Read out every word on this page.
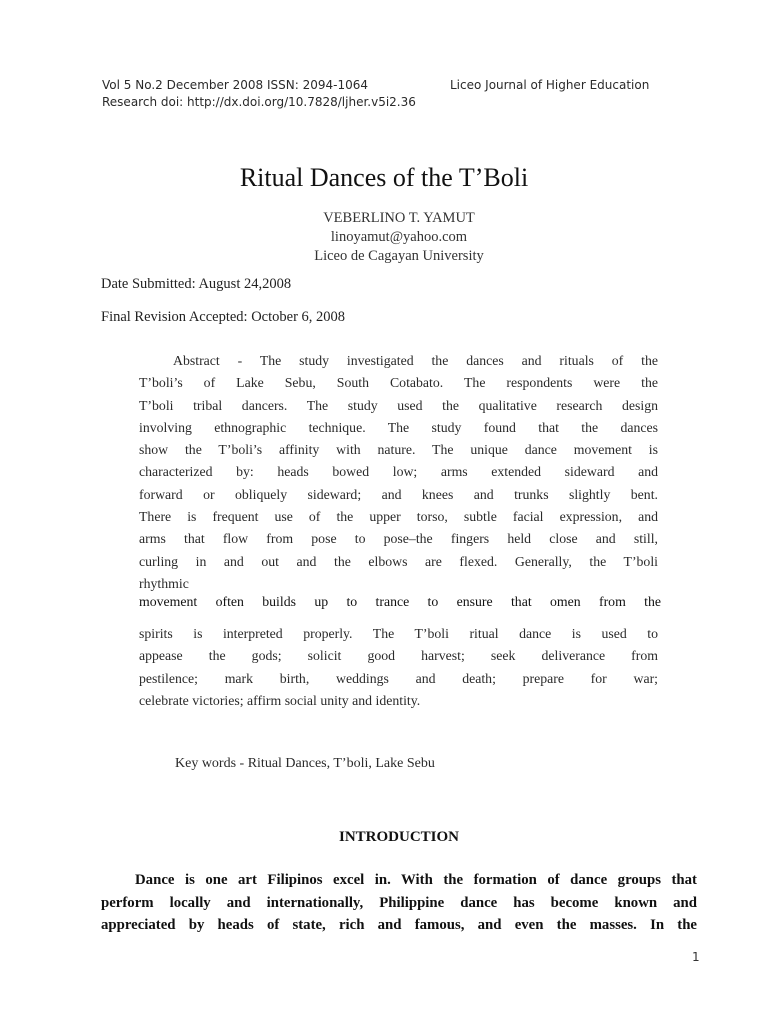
Vol 5 No.2 December 2008 ISSN: 2094-1064	Liceo Journal of Higher Education
Research doi: http://dx.doi.org/10.7828/ljher.v5i2.36
Ritual Dances of the T’Boli
VEBERLINO T. YAMUT
linoyamut@yahoo.com
Liceo de Cagayan University
Date Submitted: August 24,2008
Final Revision Accepted: October 6, 2008
Abstract - The study investigated the dances and rituals of the
T’boli’s of Lake Sebu, South Cotabato. The respondents were the
T’boli tribal dancers. The study used the qualitative research design
involving ethnographic technique. The study found that the dances
show the T’boli’s affinity with nature. The unique dance movement is
characterized by: heads bowed low; arms extended sideward and
forward or obliquely sideward; and knees and trunks slightly bent.
There is frequent use of the upper torso, subtle facial expression, and
arms that flow from pose to pose–the fingers held close and still,
curling in and out and the elbows are flexed. Generally, the T’boli
rhythmic
movement often builds up to trance to ensure that omen from the
spirits is interpreted properly. The T’boli ritual dance is used to
appease the gods; solicit good harvest; seek deliverance from
pestilence; mark birth, weddings and death; prepare for war;
celebrate victories; affirm social unity and identity.
Key words - Ritual Dances, T’boli, Lake Sebu
INTRODUCTION
Dance is one art Filipinos excel in. With the formation of dance groups that
perform locally and internationally, Philippine dance has become known and
appreciated by heads of state, rich and famous, and even the masses. In the
1
